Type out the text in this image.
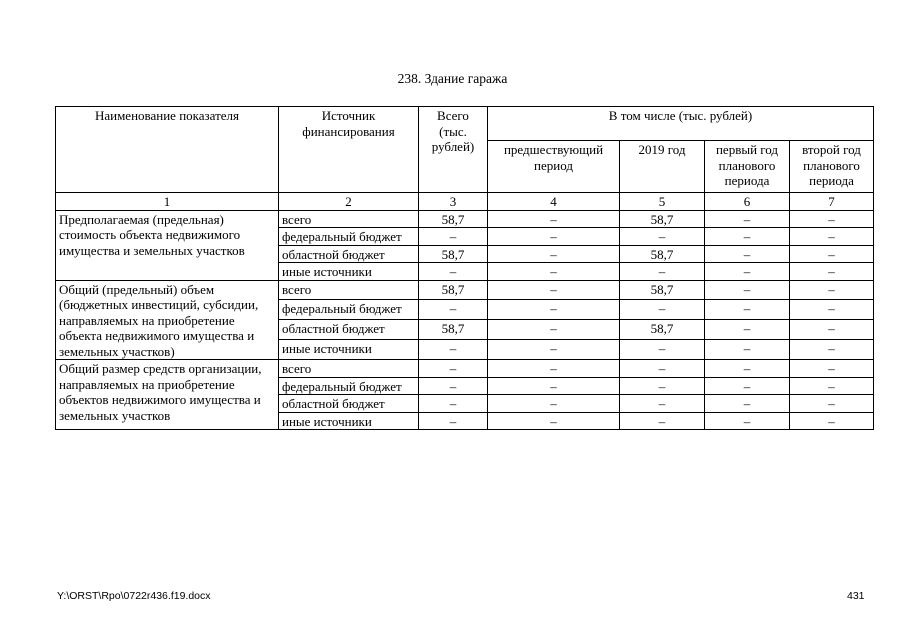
238. Здание гаража
Наименование показателя	Источник финансирования	Всего (тыс. рублей)	В том числе (тыс. рублей)			
			предшествующий период	2019 год	первый год планового периода	второй год планового периода
1	2	3	4	5	6	7
Предполагаемая (предельная) стоимость объекта недвижимого имущества и земельных участков	всего	58,7	–	58,7	–	–
	федеральный бюджет	–	–	–	–	–
	областной бюджет	58,7	–	58,7	–	–
	иные источники	–	–	–	–	–
Общий (предельный) объем (бюджетных инвестиций, субсидии, направляемых на приобретение объекта недвижимого имущества и земельных участков)	всего	58,7	–	58,7	–	–
	федеральный бюджет	–	–	–	–	–
	областной бюджет	58,7	–	58,7	–	–
	иные источники	–	–	–	–	–
Общий размер средств организации, направляемых на приобретение объектов недвижимого имущества и земельных участков	всего	–	–	–	–	–
	федеральный бюджет	–	–	–	–	–
	областной бюджет	–	–	–	–	–
	иные источники	–	–	–	–	–
Y:\ORST\Rpo\0722r436.f19.docx	431
